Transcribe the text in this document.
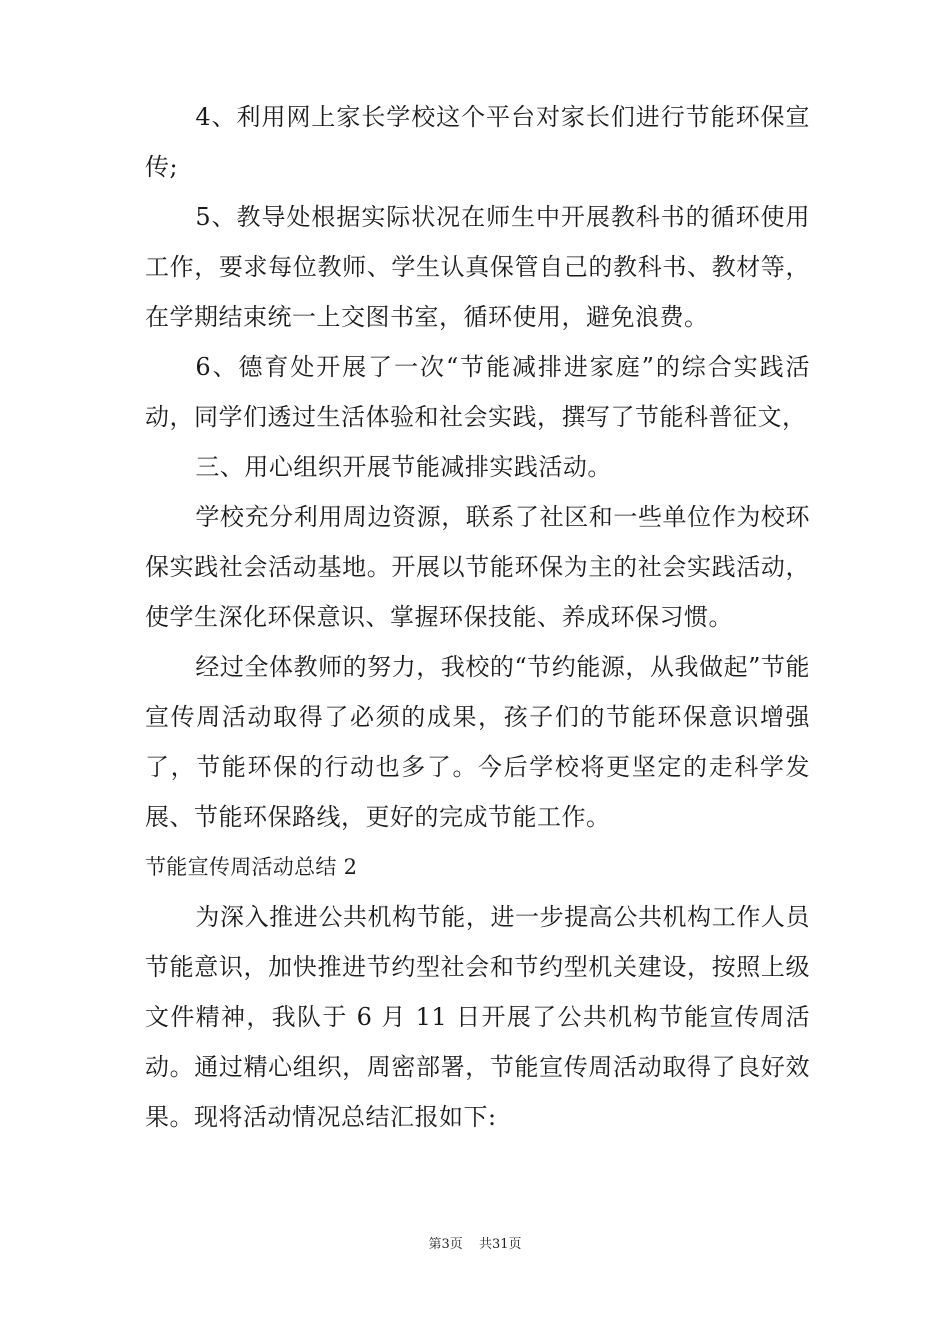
4、利用网上家长学校这个平台对家长们进行节能环保宣传;

5、教导处根据实际状况在师生中开展教科书的循环使用工作，要求每位教师、学生认真保管自己的教科书、教材等，在学期结束统一上交图书室，循环使用，避免浪费。

6、德育处开展了一次“节能减排进家庭”的综合实践活动，同学们透过生活体验和社会实践，撰写了节能科普征文，

三、用心组织开展节能减排实践活动。

学校充分利用周边资源，联系了社区和一些单位作为校环保实践社会活动基地。开展以节能环保为主的社会实践活动，使学生深化环保意识、掌握环保技能、养成环保习惯。

经过全体教师的努力，我校的“节约能源，从我做起”节能宣传周活动取得了必须的成果，孩子们的节能环保意识增强了，节能环保的行动也多了。今后学校将更坚定的走科学发展、节能环保路线，更好的完成节能工作。

节能宣传周活动总结 2

为深入推进公共机构节能，进一步提高公共机构工作人员节能意识，加快推进节约型社会和节约型机关建设，按照上级文件精神，我队于 6 月 11 日开展了公共机构节能宣传周活动。通过精心组织，周密部署，节能宣传周活动取得了良好效果。现将活动情况总结汇报如下:

第3页 共31页
